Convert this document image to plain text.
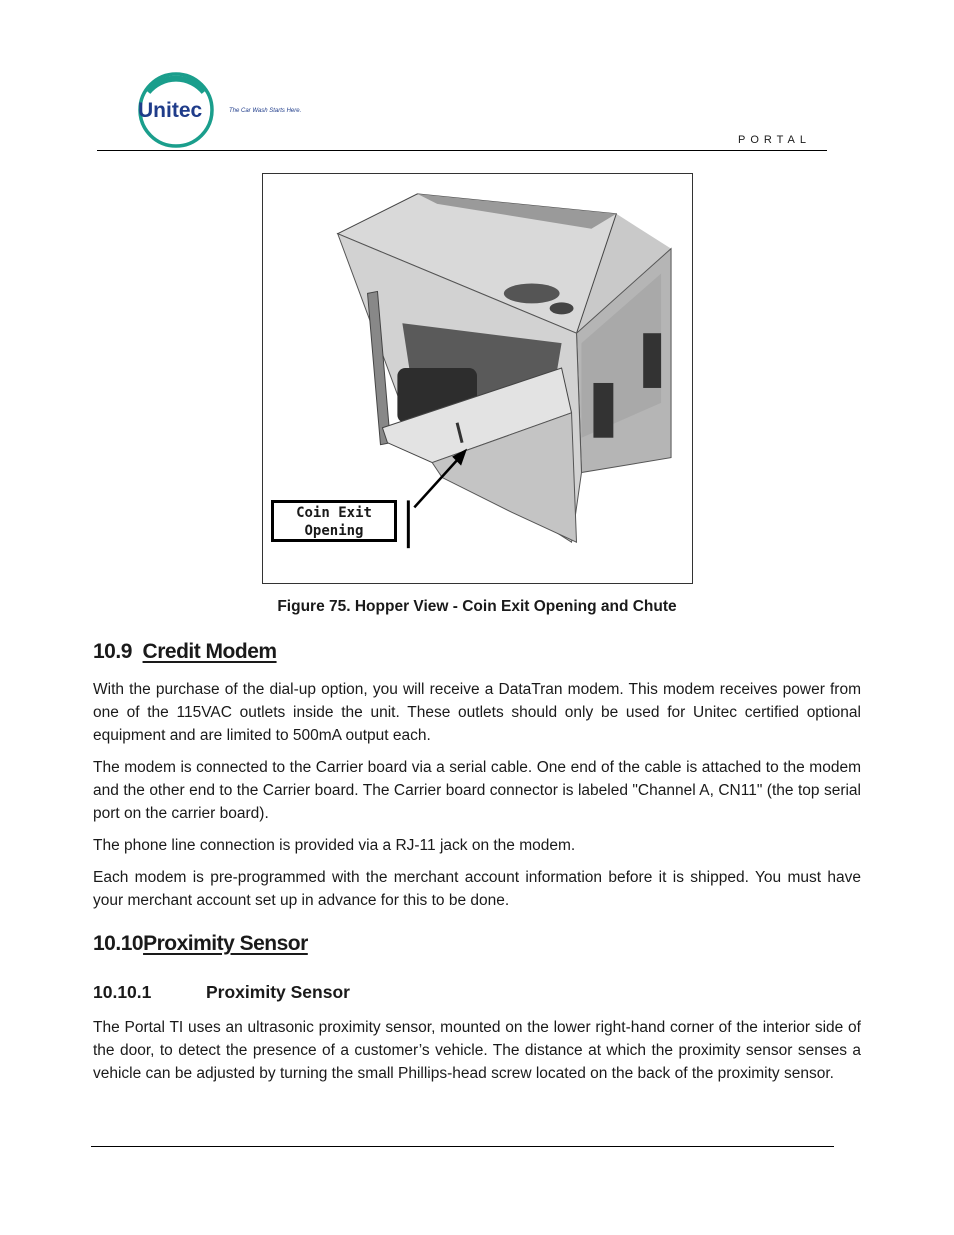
Unitec	The Car Wash Starts Here.
PORTAL
Coin Exit
Opening
Figure 75. Hopper View - Coin Exit Opening and Chute
10.9 Credit Modem

With the purchase of the dial-up option, you will receive a DataTran modem. This modem receives power from one of the 115VAC outlets inside the unit. These outlets should only be used for Unitec certified optional equipment and are limited to 500mA output each.

The modem is connected to the Carrier board via a serial cable. One end of the cable is attached to the modem and the other end to the Carrier board. The Carrier board connector is labeled "Channel A, CN11" (the top serial port on the carrier board).

The phone line connection is provided via a RJ-11 jack on the modem.

Each modem is pre-programmed with the merchant account information before it is shipped. You must have your merchant account set up in advance for this to be done.

10.10Proximity Sensor
10.10.1	Proximity Sensor

The Portal TI uses an ultrasonic proximity sensor, mounted on the lower right-hand corner of the interior side of the door, to detect the presence of a customer’s vehicle. The distance at which the proximity sensor senses a vehicle can be adjusted by turning the small Phillips-head screw located on the back of the proximity sensor.
